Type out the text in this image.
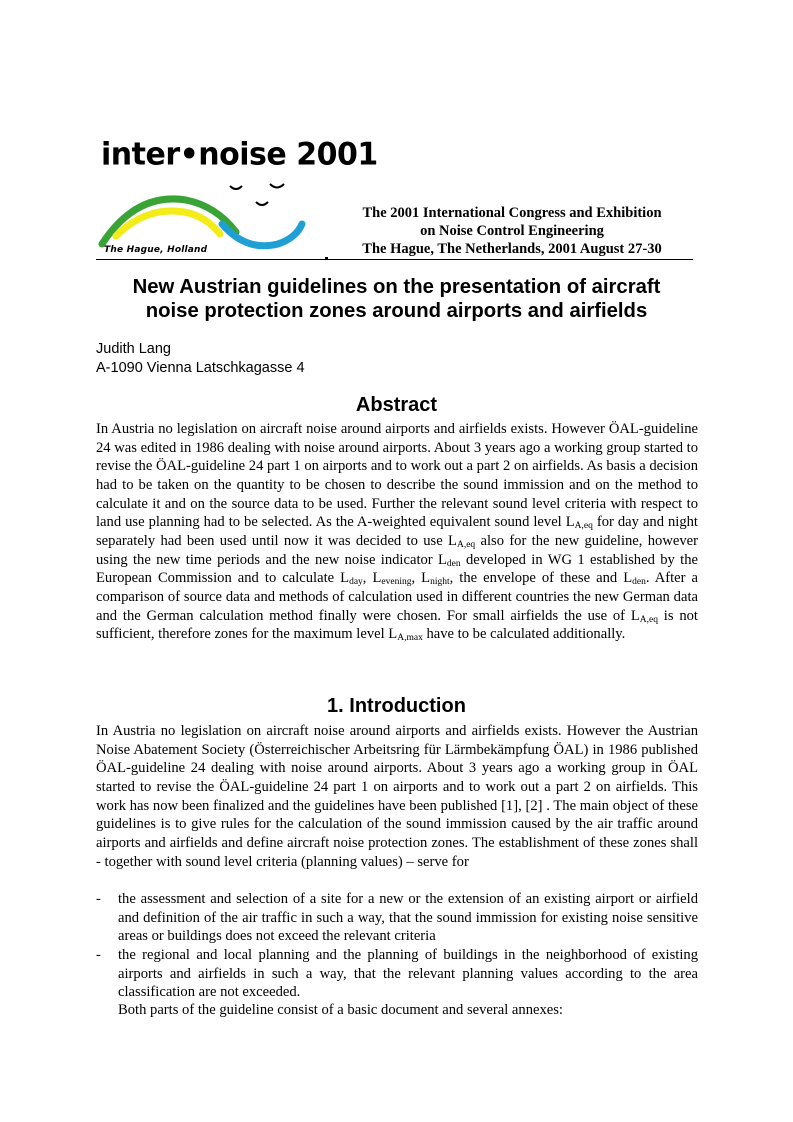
inter•noise 2001
The Hague, Holland
The 2001 International Congress and Exhibition
on Noise Control Engineering
The Hague, The Netherlands, 2001 August 27-30
New Austrian guidelines on the presentation of aircraft
noise protection zones around airports and airfields
Judith Lang
A-1090 Vienna Latschkagasse 4
Abstract

In Austria no legislation on aircraft noise around airports and airfields exists. However ÖAL-guideline 24 was edited in 1986 dealing with noise around airports. About 3 years ago a working group started to revise the ÖAL-guideline 24 part 1 on airports and to work out a part 2 on airfields. As basis a decision had to be taken on the quantity to be chosen to describe the sound immission and on the method to calculate it and on the source data to be used. Further the relevant sound level criteria with respect to land use planning had to be selected. As the A-weighted equivalent sound level $L_{A,eq}$ for day and night separately had been used until now it was decided to use $L_{A,eq}$ also for the new guideline, however using the new time periods and the new noise indicator $L_{den}$ developed in WG 1 established by the European Commission and to calculate $L_{day}$, $L_{evening}$, $L_{night}$, the envelope of these and $L_{den}$. After a comparison of source data and methods of calculation used in different countries the new German data and the German calculation method finally were chosen. For small airfields the use of $L_{A,eq}$ is not sufficient, therefore zones for the maximum level $L_{A,max}$ have to be calculated additionally.

1. Introduction

In Austria no legislation on aircraft noise around airports and airfields exists. However the Austrian Noise Abatement Society (Österreichischer Arbeitsring für Lärmbekämpfung ÖAL) in 1986 published ÖAL-guideline 24 dealing with noise around airports. About 3 years ago a working group in ÖAL started to revise the ÖAL-guideline 24 part 1 on airports and to work out a part 2 on airfields. This work has now been finalized and the guidelines have been published [1], [2] . The main object of these guidelines is to give rules for the calculation of the sound immission caused by the air traffic around airports and airfields and define aircraft noise protection zones. The establishment of these zones shall - together with sound level criteria (planning values) – serve for

- the assessment and selection of a site for a new or the extension of an existing airport or airfield and definition of the air traffic in such a way, that the sound immission for existing noise sensitive areas or buildings does not exceed the relevant criteria
- the regional and local planning and the planning of buildings in the neighborhood of existing airports and airfields in such a way, that the relevant planning values according to the area classification are not exceeded.
Both parts of the guideline consist of a basic document and several annexes:
